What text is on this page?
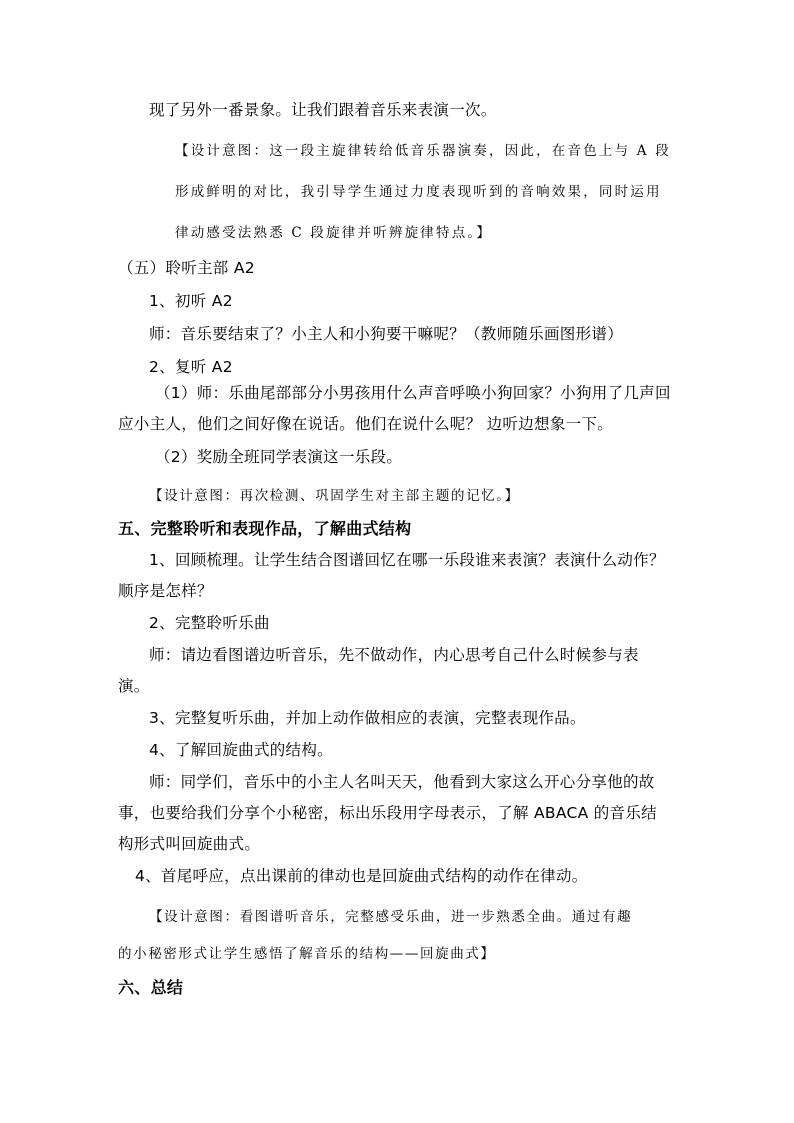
现了另外一番景象。让我们跟着音乐来表演一次。
【设计意图：这一段主旋律转给低音乐器演奏，因此，在音色上与 A 段
形成鲜明的对比，我引导学生通过力度表现听到的音响效果，同时运用
律动感受法熟悉 C 段旋律并听辨旋律特点。】
（五）聆听主部 A2
1、初听 A2
师：音乐要结束了？小主人和小狗要干嘛呢？（教师随乐画图形谱）
2、复听 A2
（1）师：乐曲尾部部分小男孩用什么声音呼唤小狗回家？小狗用了几声回
应小主人，他们之间好像在说话。他们在说什么呢？ 边听边想象一下。
（2）奖励全班同学表演这一乐段。
【设计意图：再次检测、巩固学生对主部主题的记忆。】
五、完整聆听和表现作品，了解曲式结构
1、回顾梳理。让学生结合图谱回忆在哪一乐段谁来表演？表演什么动作？
顺序是怎样？
2、完整聆听乐曲
师：请边看图谱边听音乐，先不做动作，内心思考自己什么时候参与表
演。
3、完整复听乐曲，并加上动作做相应的表演，完整表现作品。
4、了解回旋曲式的结构。
师：同学们，音乐中的小主人名叫天天，他看到大家这么开心分享他的故
事，也要给我们分享个小秘密，标出乐段用字母表示，了解 ABACA 的音乐结
构形式叫回旋曲式。
4、首尾呼应，点出课前的律动也是回旋曲式结构的动作在律动。
【设计意图：看图谱听音乐，完整感受乐曲，进一步熟悉全曲。通过有趣
的小秘密形式让学生感悟了解音乐的结构——回旋曲式】
六、总结
